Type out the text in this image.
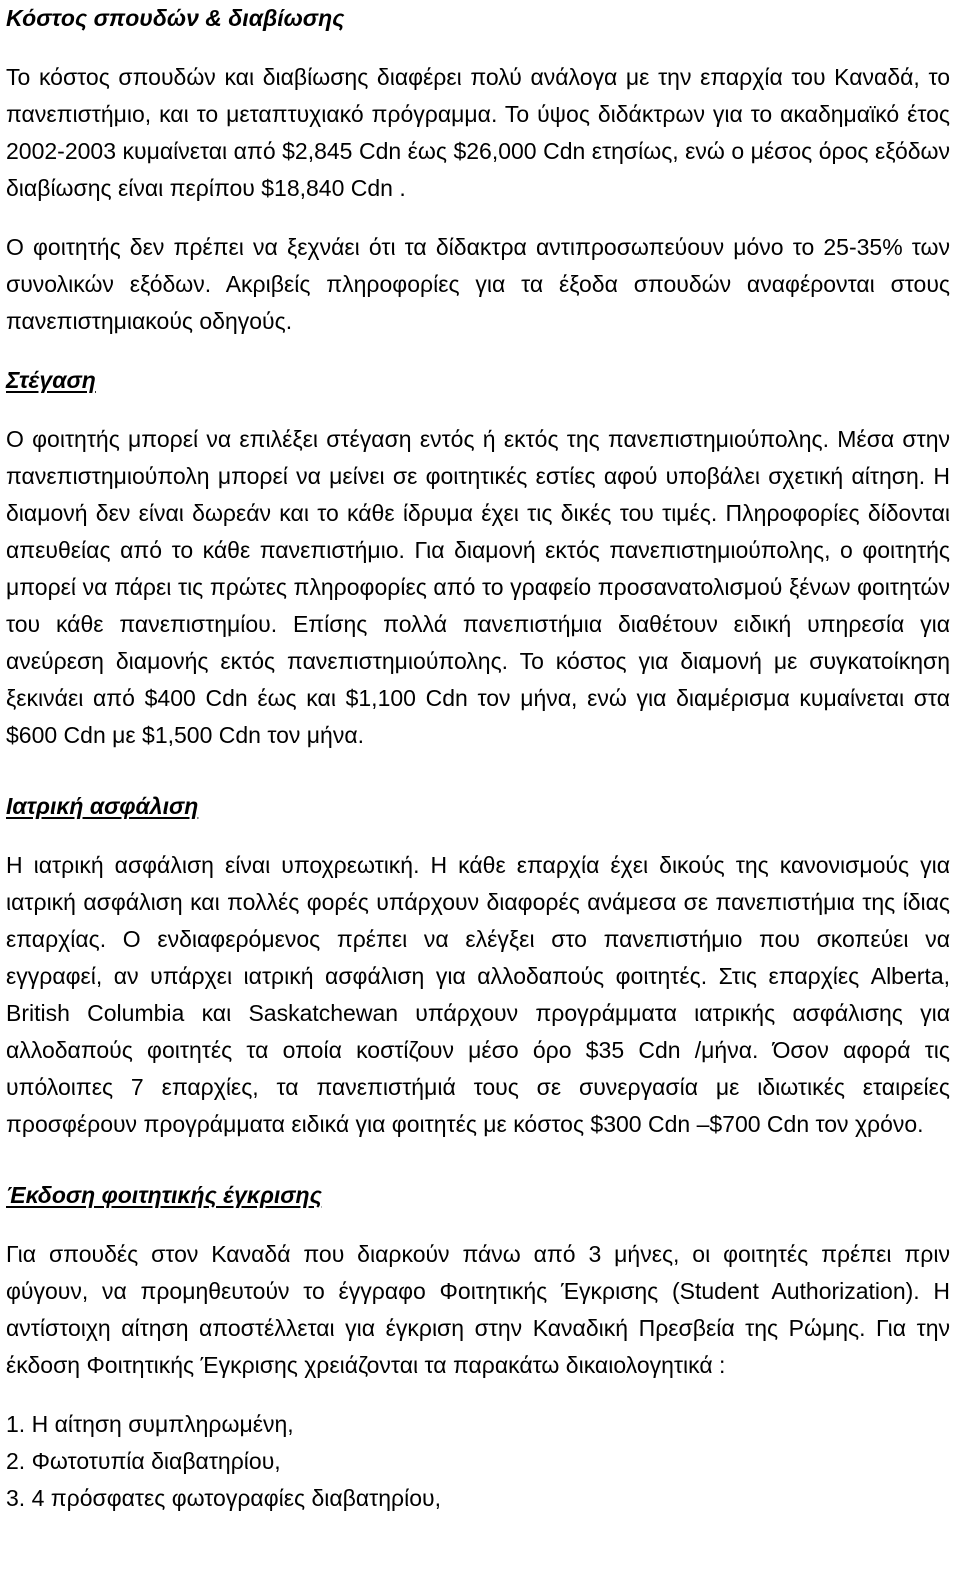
Κόστος σπουδών & διαβίωσης

Το κόστος σπουδών και διαβίωσης διαφέρει πολύ ανάλογα με την επαρχία του Καναδά, το πανεπιστήμιο, και το μεταπτυχιακό πρόγραμμα. Το ύψος διδάκτρων για το ακαδημαϊκό έτος 2002-2003 κυμαίνεται από $2,845 Cdn έως $26,000 Cdn ετησίως, ενώ ο μέσος όρος εξόδων διαβίωσης είναι περίπου $18,840 Cdn .

Ο φοιτητής δεν πρέπει να ξεχνάει ότι τα δίδακτρα αντιπροσωπεύουν μόνο το 25-35% των συνολικών εξόδων. Ακριβείς πληροφορίες για τα έξοδα σπουδών αναφέρονται στους πανεπιστημιακούς οδηγούς.

Στέγαση

Ο φοιτητής μπορεί να επιλέξει στέγαση εντός ή εκτός της πανεπιστημιούπολης. Μέσα στην πανεπιστημιούπολη μπορεί να μείνει σε φοιτητικές εστίες αφού υποβάλει σχετική αίτηση. Η διαμονή δεν είναι δωρεάν και το κάθε ίδρυμα έχει τις δικές του τιμές. Πληροφορίες δίδονται απευθείας από το κάθε πανεπιστήμιο. Για διαμονή εκτός πανεπιστημιούπολης, ο φοιτητής μπορεί να πάρει τις πρώτες πληροφορίες από το γραφείο προσανατολισμού ξένων φοιτητών του κάθε πανεπιστημίου. Επίσης πολλά πανεπιστήμια διαθέτουν ειδική υπηρεσία για ανεύρεση διαμονής εκτός πανεπιστημιούπολης. Το κόστος για διαμονή με συγκατοίκηση ξεκινάει από $400 Cdn έως και $1,100 Cdn τον μήνα, ενώ για διαμέρισμα κυμαίνεται στα $600 Cdn με $1,500 Cdn τον μήνα.

Ιατρική ασφάλιση

Η ιατρική ασφάλιση είναι υποχρεωτική. Η κάθε επαρχία έχει δικούς της κανονισμούς για ιατρική ασφάλιση και πολλές φορές υπάρχουν διαφορές ανάμεσα σε πανεπιστήμια της ίδιας επαρχίας. Ο ενδιαφερόμενος πρέπει να ελέγξει στο πανεπιστήμιο που σκοπεύει να εγγραφεί, αν υπάρχει ιατρική ασφάλιση για αλλοδαπούς φοιτητές. Στις επαρχίες Alberta, British Columbia και Saskatchewan υπάρχουν προγράμματα ιατρικής ασφάλισης για αλλοδαπούς φοιτητές τα οποία κοστίζουν μέσο όρο $35 Cdn /μήνα. Όσον αφορά τις υπόλοιπες 7 επαρχίες, τα πανεπιστήμιά τους σε συνεργασία με ιδιωτικές εταιρείες προσφέρουν προγράμματα ειδικά για φοιτητές με κόστος $300 Cdn –$700 Cdn τον χρόνο.

Έκδοση φοιτητικής έγκρισης

Για σπουδές στον Καναδά που διαρκούν πάνω από 3 μήνες, οι φοιτητές πρέπει πριν φύγουν, να προμηθευτούν το έγγραφο Φοιτητικής Έγκρισης (Student Authorization). Η αντίστοιχη αίτηση αποστέλλεται για έγκριση στην Καναδική Πρεσβεία της Ρώμης. Για την έκδοση Φοιτητικής Έγκρισης χρειάζονται τα παρακάτω δικαιολογητικά :

1. Η αίτηση συμπληρωμένη,
2. Φωτοτυπία διαβατηρίου,
3. 4 πρόσφατες φωτογραφίες διαβατηρίου,
